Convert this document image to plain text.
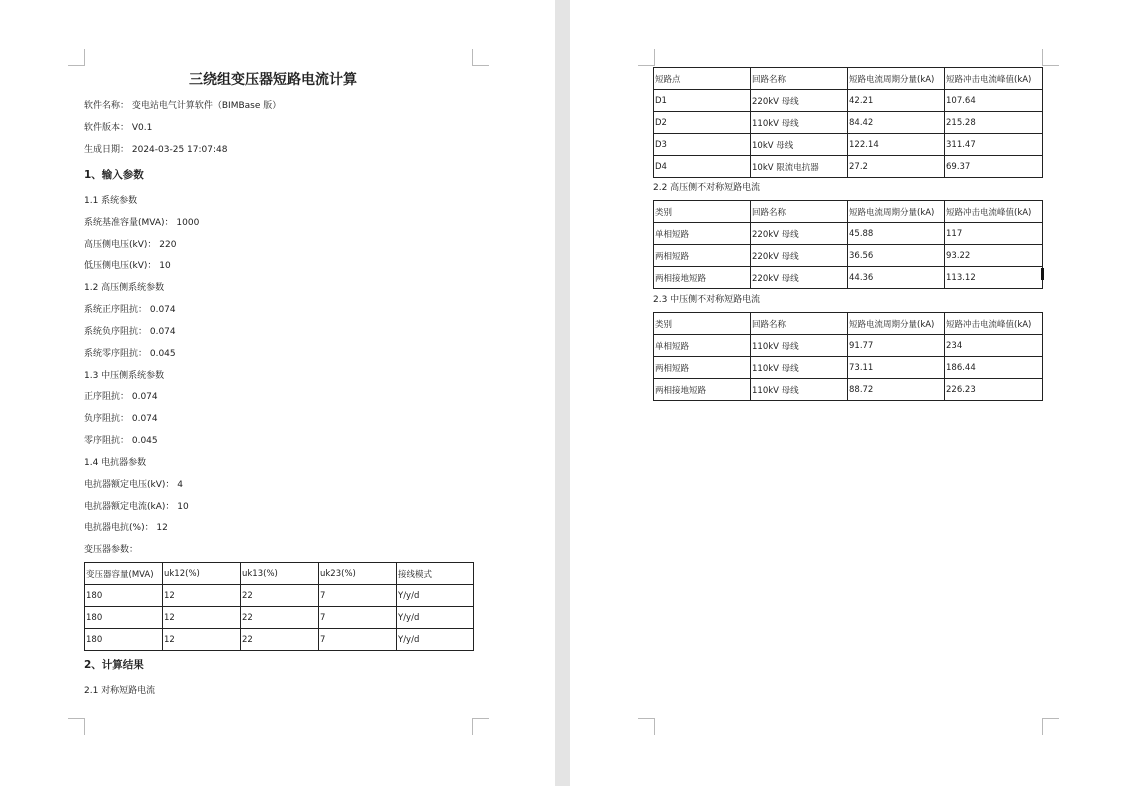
三绕组变压器短路电流计算
软件名称： 变电站电气计算软件（BIMBase 版）
软件版本： V0.1
生成日期： 2024-03-25 17:07:48
1、输入参数
1.1 系统参数
系统基准容量(MVA)： 1000
高压侧电压(kV)： 220
低压侧电压(kV)： 10
1.2 高压侧系统参数
系统正序阻抗： 0.074
系统负序阻抗： 0.074
系统零序阻抗： 0.045
1.3 中压侧系统参数
正序阻抗： 0.074
负序阻抗： 0.074
零序阻抗： 0.045
1.4 电抗器参数
电抗器额定电压(kV)： 4
电抗器额定电流(kA)： 10
电抗器电抗(%)： 12
变压器参数：
变压器容量(MVA)	uk12(%)	uk13(%)	uk23(%)	接线模式
180	12	22	7	Y/y/d
180	12	22	7	Y/y/d
180	12	22	7	Y/y/d
2、计算结果
2.1 对称短路电流
短路点	回路名称	短路电流周期分量(kA)	短路冲击电流峰值(kA)
D1	220kV 母线	42.21	107.64
D2	110kV 母线	84.42	215.28
D3	10kV 母线	122.14	311.47
D4	10kV 限流电抗器	27.2	69.37
2.2 高压侧不对称短路电流
类别	回路名称	短路电流周期分量(kA)	短路冲击电流峰值(kA)
单相短路	220kV 母线	45.88	117
两相短路	220kV 母线	36.56	93.22
两相接地短路	220kV 母线	44.36	113.12
2.3 中压侧不对称短路电流
类别	回路名称	短路电流周期分量(kA)	短路冲击电流峰值(kA)
单相短路	110kV 母线	91.77	234
两相短路	110kV 母线	73.11	186.44
两相接地短路	110kV 母线	88.72	226.23
